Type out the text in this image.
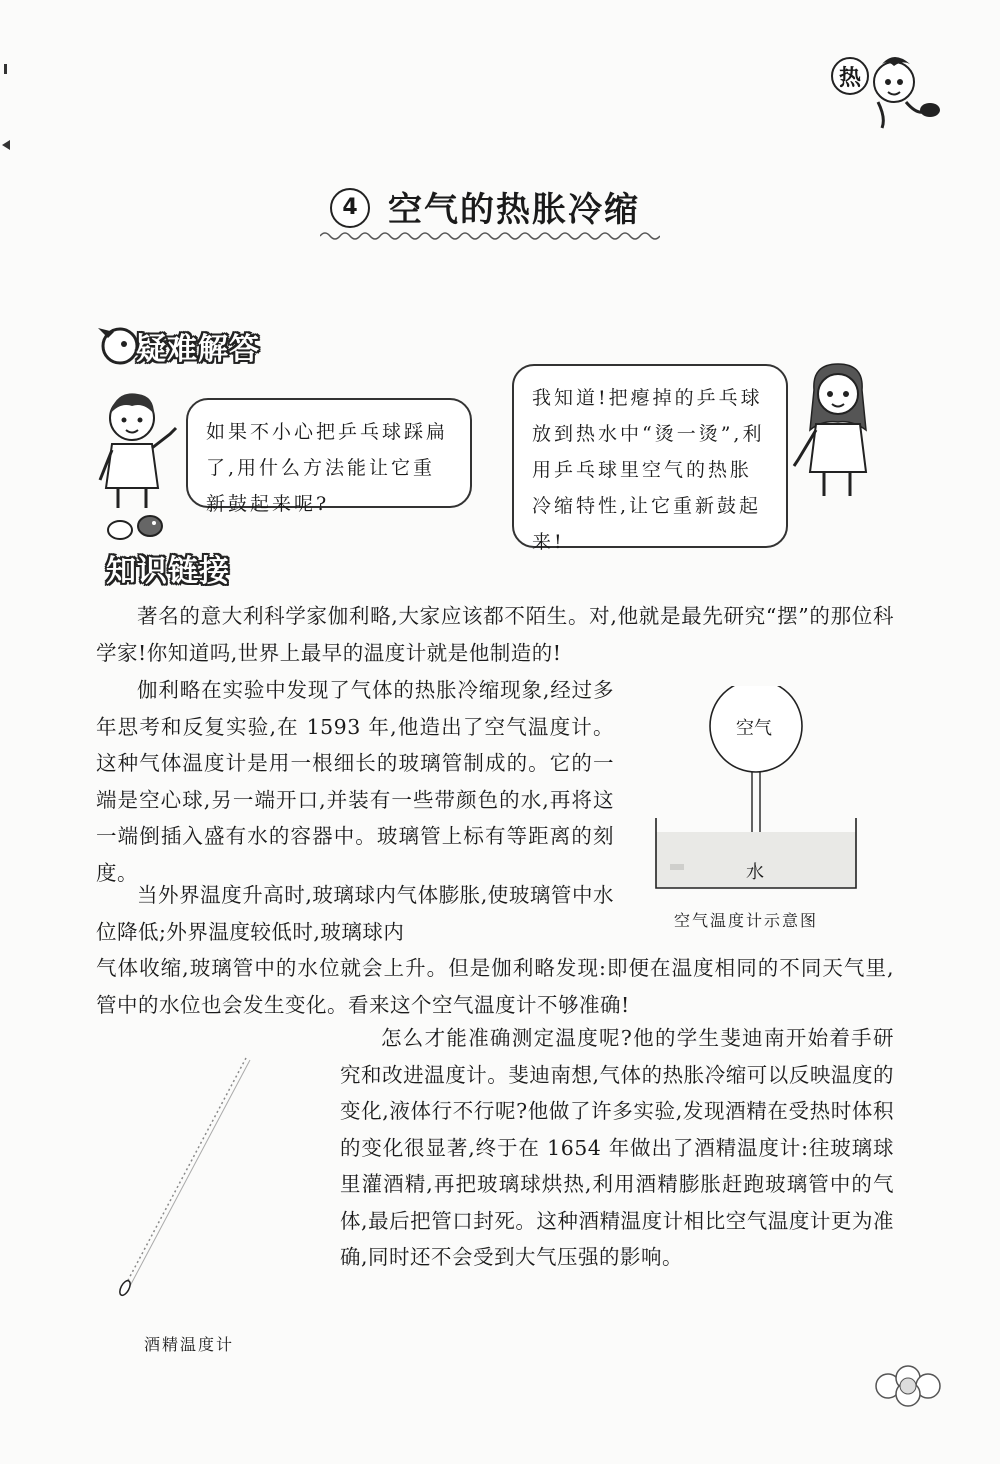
热
4 空气的热胀冷缩
疑难解答
如果不小心把乒乓球踩扁了,用什么方法能让它重新鼓起来呢?
我知道!把瘪掉的乒乓球放到热水中“烫一烫”,利用乒乓球里空气的热胀冷缩特性,让它重新鼓起来!
知识链接

著名的意大利科学家伽利略,大家应该都不陌生。对,他就是最先研究“摆”的那位科学家!你知道吗,世界上最早的温度计就是他制造的!

伽利略在实验中发现了气体的热胀冷缩现象,经过多年思考和反复实验,在 1593 年,他造出了空气温度计。这种气体温度计是用一根细长的玻璃管制成的。它的一端是空心球,另一端开口,并装有一些带颜色的水,再将这一端倒插入盛有水的容器中。玻璃管上标有等距离的刻度。

当外界温度升高时,玻璃球内气体膨胀,使玻璃管中水位降低;外界温度较低时,玻璃球内

气体收缩,玻璃管中的水位就会上升。但是伽利略发现:即便在温度相同的不同天气里,管中的水位也会发生变化。看来这个空气温度计不够准确!

空气
水
空气温度计示意图

怎么才能准确测定温度呢?他的学生斐迪南开始着手研究和改进温度计。斐迪南想,气体的热胀冷缩可以反映温度的变化,液体行不行呢?他做了许多实验,发现酒精在受热时体积的变化很显著,终于在 1654 年做出了酒精温度计:往玻璃球里灌酒精,再把玻璃球烘热,利用酒精膨胀赶跑玻璃管中的气体,最后把管口封死。这种酒精温度计相比空气温度计更为准确,同时还不会受到大气压强的影响。

酒精温度计
